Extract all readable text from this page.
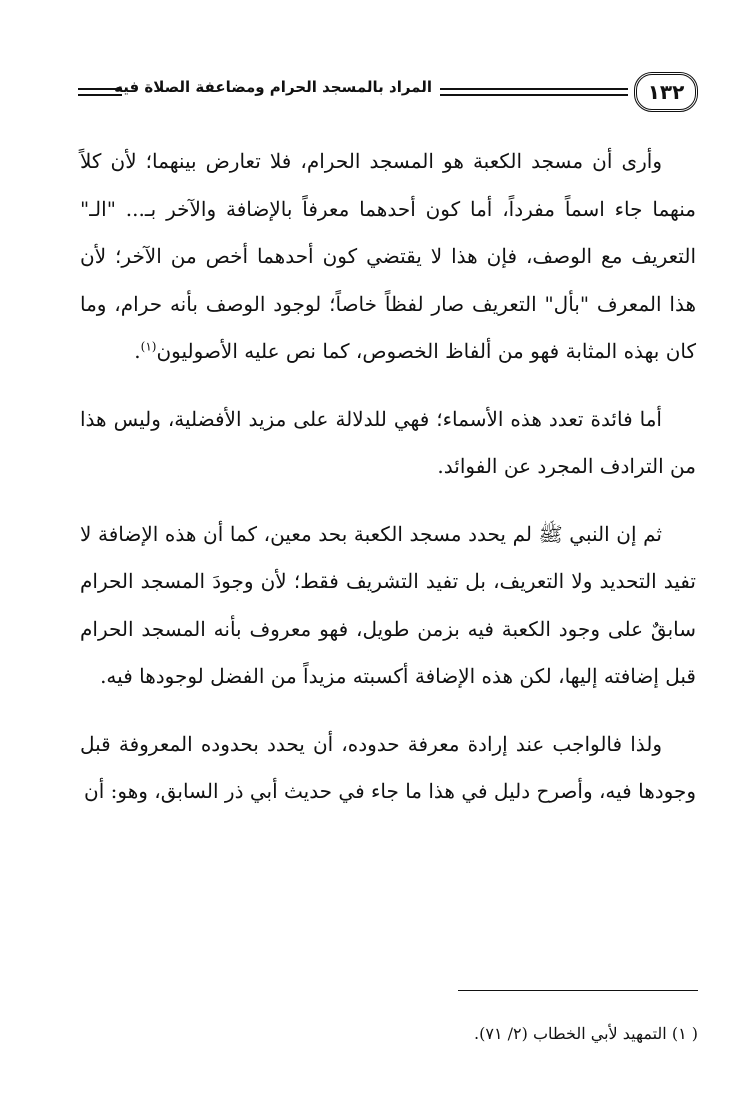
المراد بالمسجد الحرام ومضاعفة الصلاة فيه	١٣٢

وأرى أن مسجد الكعبة هو المسجد الحرام، فلا تعارض بينهما؛ لأن كلاً منهما جاء اسماً مفرداً، أما كون أحدهما معرفاً بالإضافة والآخر بـ... "الـ" التعريف مع الوصف، فإن هذا لا يقتضي كون أحدهما أخص من الآخر؛ لأن هذا المعرف "بأل" التعريف صار لفظاً خاصاً؛ لوجود الوصف بأنه حرام، وما كان بهذه المثابة فهو من ألفاظ الخصوص، كما نص عليه الأصوليون$^{(١)}$.

أما فائدة تعدد هذه الأسماء؛ فهي للدلالة على مزيد الأفضلية، وليس هذا من الترادف المجرد عن الفوائد.

ثم إن النبي ﷺ لم يحدد مسجد الكعبة بحد معين، كما أن هذه الإضافة لا تفيد التحديد ولا التعريف، بل تفيد التشريف فقط؛ لأن وجودَ المسجد الحرام سابقٌ على وجود الكعبة فيه بزمن طويل، فهو معروف بأنه المسجد الحرام قبل إضافته إليها، لكن هذه الإضافة أكسبته مزيداً من الفضل لوجودها فيه.

ولذا فالواجب عند إرادة معرفة حدوده، أن يحدد بحدوده المعروفة قبل وجودها فيه، وأصرح دليل في هذا ما جاء في حديث أبي ذر السابق، وهو: أن

( ١) التمهيد لأبي الخطاب (٢/ ٧١).
